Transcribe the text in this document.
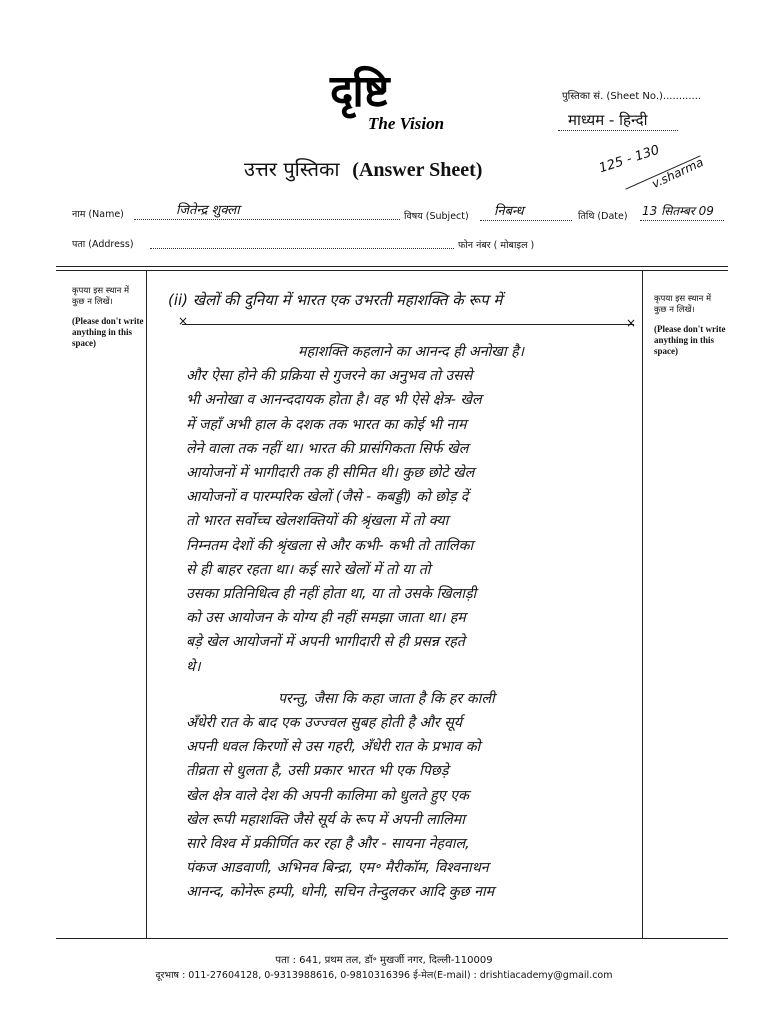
दृष्टि
The Vision
पुस्तिका सं. (Sheet No.)............
माध्यम - हिन्दी
उत्तर पुस्तिका (Answer Sheet)	125 - 130
v.sharma
नाम (Name)	जितेन्द्र शुक्ला	विषय (Subject) निबन्ध	तिथि (Date) 13 सितम्बर 09
पता (Address)	फोन नंबर ( मोबाइल )
कृपया इस स्थान में कुछ न लिखें।
(Please don't write anything in this space)
कृपया इस स्थान में कुछ न लिखें।
(Please don't write anything in this space)
(ii) खेलों की दुनिया में भारत एक उभरती महाशक्ति के रूप में
×	×

महाशक्ति कहलाने का आनन्द ही अनोखा है।

और ऐसा होने की प्रक्रिया से गुजरने का अनुभव तो उससे

भी अनोखा व आनन्ददायक होता है। वह भी ऐसे क्षेत्र- खेल

में जहाँ अभी हाल के दशक तक भारत का कोई भी नाम

लेने वाला तक नहीं था। भारत की प्रासंगिकता सिर्फ खेल

आयोजनों में भागीदारी तक ही सीमित थी। कुछ छोटे खेल

आयोजनों व पारम्परिक खेलों (जैसे - कबड्डी) को छोड़ दें

तो भारत सर्वोच्च खेलशक्तियों की श्रृंखला में तो क्या

निम्नतम देशों की श्रृंखला से और कभी- कभी तो तालिका

से ही बाहर रहता था। कई सारे खेलों में तो या तो

उसका प्रतिनिधित्व ही नहीं होता था, या तो उसके खिलाड़ी

को उस आयोजन के योग्य ही नहीं समझा जाता था। हम

बड़े खेल आयोजनों में अपनी भागीदारी से ही प्रसन्न रहते

थे।

परन्तु, जैसा कि कहा जाता है कि हर काली

अँधेरी रात के बाद एक उज्ज्वल सुबह होती है और सूर्य

अपनी धवल किरणों से उस गहरी, अँधेरी रात के प्रभाव को

तीव्रता से धुलता है, उसी प्रकार भारत भी एक पिछड़े

खेल क्षेत्र वाले देश की अपनी कालिमा को धुलते हुए एक

खेल रूपी महाशक्ति जैसे सूर्य के रूप में अपनी लालिमा

सारे विश्व में प्रकीर्णित कर रहा है और - सायना नेहवाल,

पंकज आडवाणी, अभिनव बिन्द्रा, एम॰ मैरीकॉम, विश्वनाथन

आनन्द, कोनेरू हम्पी, धोनी, सचिन तेन्दुलकर आदि कुछ नाम

पता : 641, प्रथम तल, डॉ॰ मुखर्जी नगर, दिल्ली-110009
दूरभाष : 011-27604128, 0-9313988616, 0-9810316396 ई-मेल(E-mail) : drishtiacademy@gmail.com
